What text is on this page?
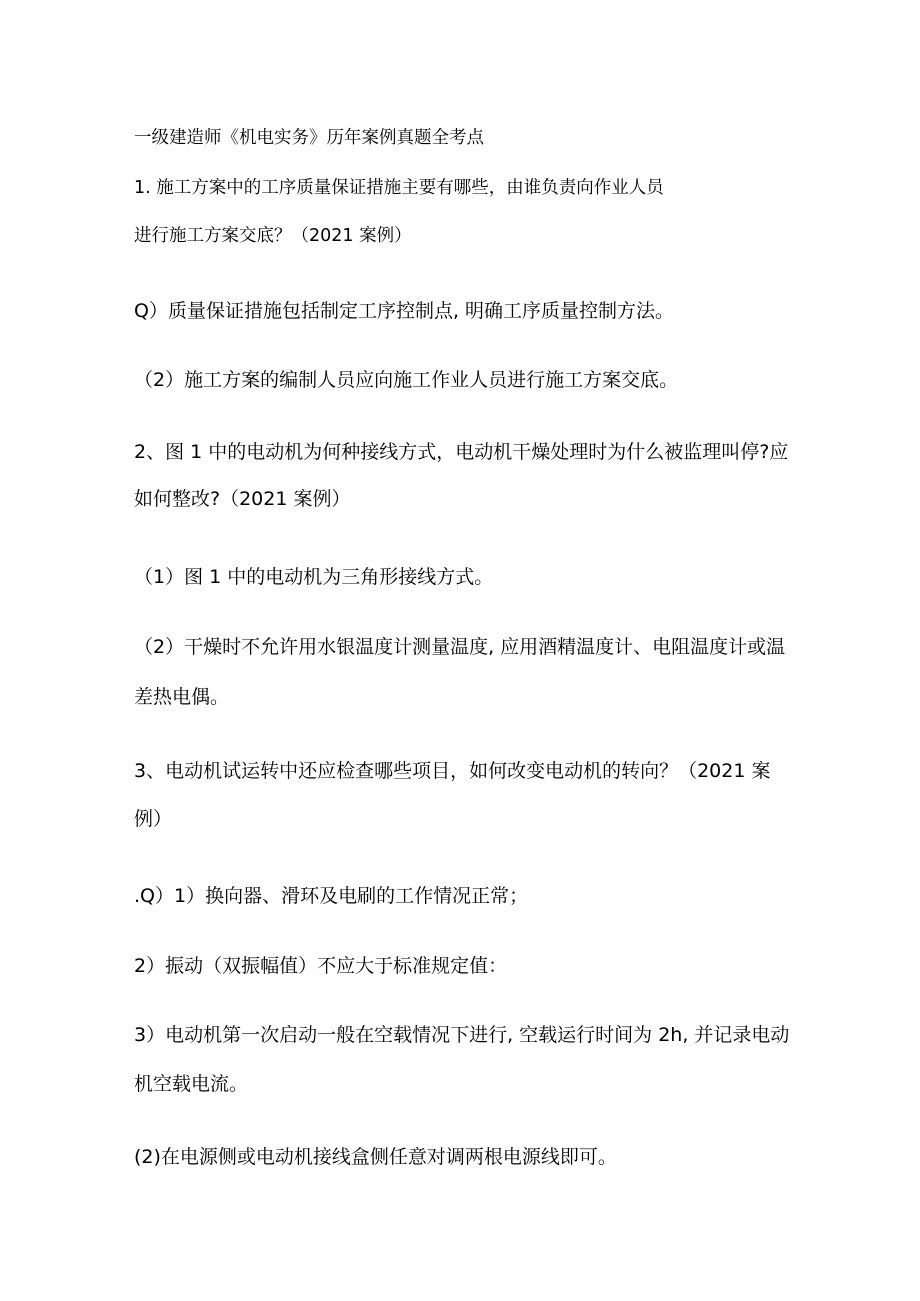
一级建造师《机电实务》历年案例真题全考点

1. 施工方案中的工序质量保证措施主要有哪些，由谁负责向作业人员

进行施工方案交底？（2021 案例）

Q）质量保证措施包括制定工序控制点, 明确工序质量控制方法。

（2）施工方案的编制人员应向施工作业人员进行施工方案交底。

2、图 1 中的电动机为何种接线方式，电动机干燥处理时为什么被监理叫停?应

如何整改?（2021 案例）

（1）图 1 中的电动机为三角形接线方式。

（2）干燥时不允许用水银温度计测量温度, 应用酒精温度计、电阻温度计或温

差热电偶。

3、电动机试运转中还应检查哪些项目，如何改变电动机的转向？（2021 案

例）

.Q）1）换向器、滑环及电刷的工作情况正常；

2）振动（双振幅值）不应大于标准规定值：

3）电动机第一次启动一般在空载情况下进行, 空载运行时间为 2h, 并记录电动

机空载电流。

(2)在电源侧或电动机接线盒侧任意对调两根电源线即可。
